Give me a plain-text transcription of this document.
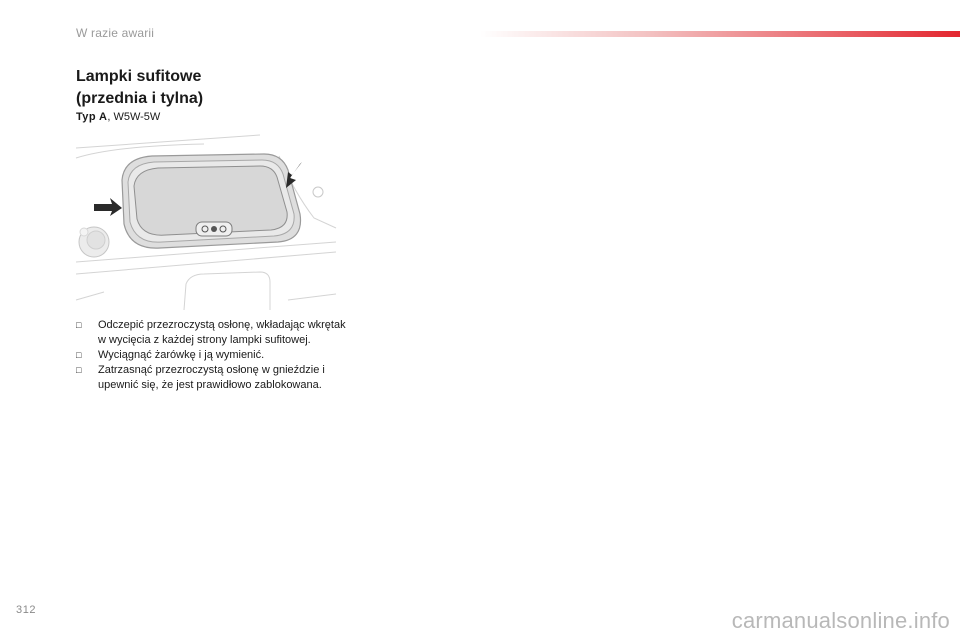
W razie awarii
Lampki sufitowe
(przednia i tylna)
Typ A, W5W-5W
□ Odczepić przezroczystą osłonę, wkładając wkrętak w wycięcia z każdej strony lampki sufitowej.
□ Wyciągnąć żarówkę i ją wymienić.
□ Zatrzasnąć przezroczystą osłonę w gnieździe i upewnić się, że jest prawidłowo zablokowana.
312	carmanualsonline.info
